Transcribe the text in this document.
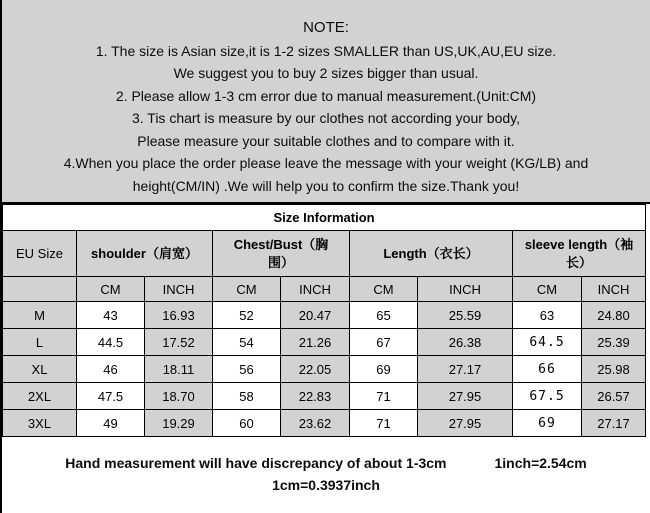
NOTE:
1. The size is Asian size,it is 1-2 sizes SMALLER than US,UK,AU,EU size.
We suggest you to buy 2 sizes bigger than usual.
2. Please allow 1-3 cm error due to manual measurement.(Unit:CM)
3. Tis chart is measure by our clothes not according your body,
Please measure your suitable clothes and to compare with it.
4.When you place the order please leave the message with your weight (KG/LB) and
height(CM/IN) .We will help you to confirm the size.Thank you!
Size Information								
EU Size	shoulder（肩宽）		Chest/Bust（胸围）		Length（衣长）		sleeve length（袖长）	
	CM	INCH	CM	INCH	CM	INCH	CM	INCH
M	43	16.93	52	20.47	65	25.59	63	24.80
L	44.5	17.52	54	21.26	67	26.38	64.5	25.39
XL	46	18.11	56	22.05	69	27.17	66	25.98
2XL	47.5	18.70	58	22.83	71	27.95	67.5	26.57
3XL	49	19.29	60	23.62	71	27.95	69	27.17
Hand measurement will have discrepancy of about 1-3cm	1inch=2.54cm
1cm=0.3937inch
